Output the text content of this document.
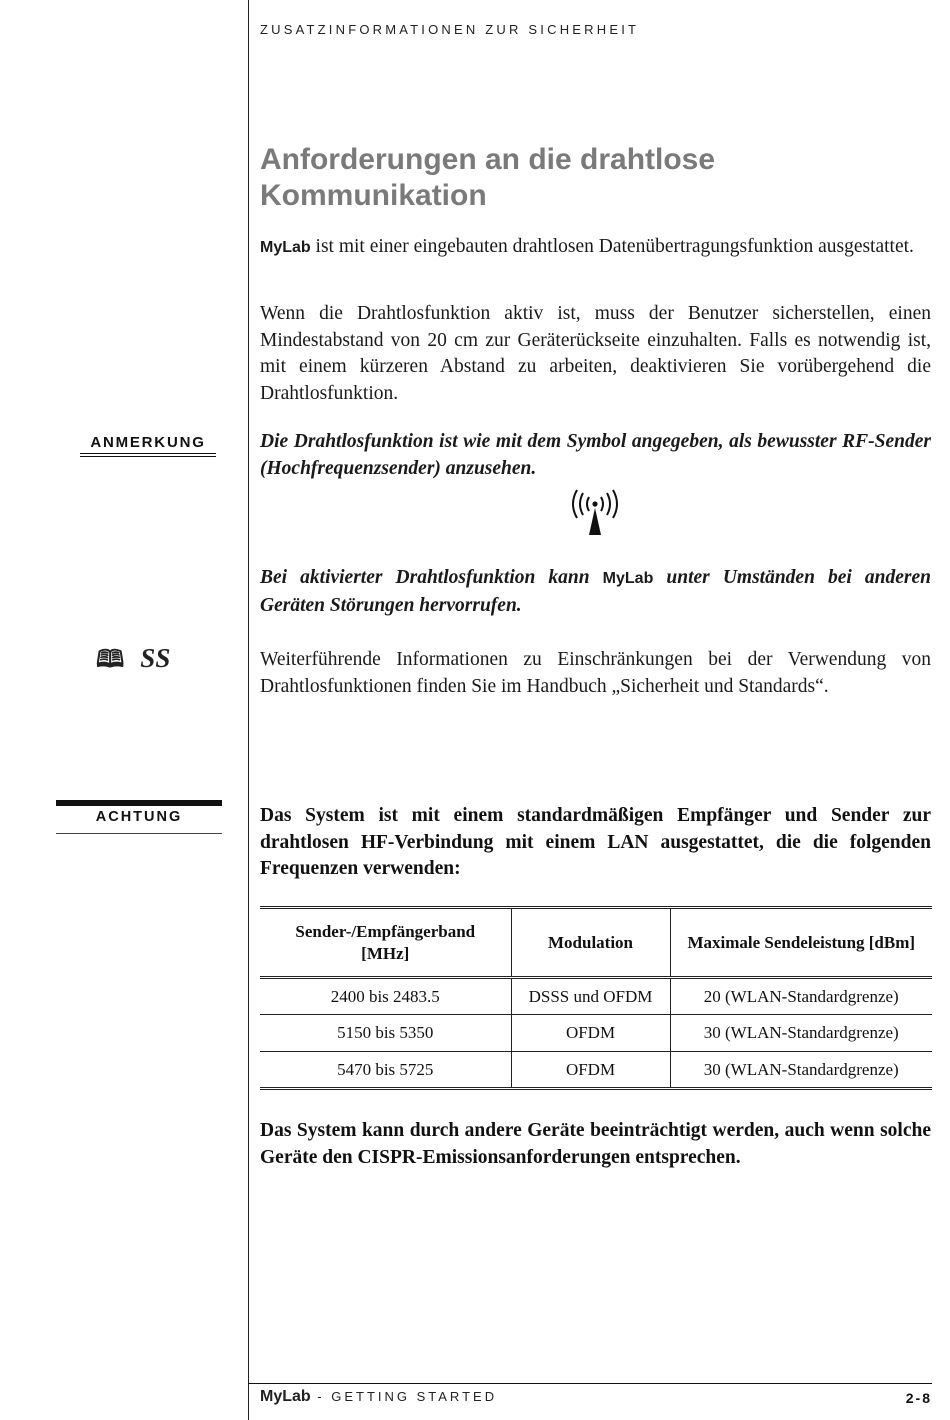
ZUSATZINFORMATIONEN ZUR SICHERHEIT
Anforderungen an die drahtlose Kommunikation
MyLab ist mit einer eingebauten drahtlosen Datenübertragungsfunktion ausgestattet.
Wenn die Drahtlosfunktion aktiv ist, muss der Benutzer sicherstellen, einen Mindestabstand von 20 cm zur Geräterückseite einzuhalten. Falls es notwendig ist, mit einem kürzeren Abstand zu arbeiten, deaktivieren Sie vorübergehend die Drahtlosfunktion.
ANMERKUNG	Die Drahtlosfunktion ist wie mit dem Symbol angegeben, als bewusster RF-Sender (Hochfrequenzsender) anzusehen.
Bei aktivierter Drahtlosfunktion kann MyLab unter Umständen bei anderen Geräten Störungen hervorrufen.
🕮 SS	Weiterführende Informationen zu Einschränkungen bei der Verwendung von Drahtlosfunktionen finden Sie im Handbuch „Sicherheit und Standards“.
ACHTUNG	Das System ist mit einem standardmäßigen Empfänger und Sender zur drahtlosen HF-Verbindung mit einem LAN ausgestattet, die die folgenden Frequenzen verwenden:
Sender-/Empfängerband [MHz]	Modulation	Maximale Sendeleistung [dBm]
2400 bis 2483.5	DSSS und OFDM	20 (WLAN-Standardgrenze)
5150 bis 5350	OFDM	30 (WLAN-Standardgrenze)
5470 bis 5725	OFDM	30 (WLAN-Standardgrenze)
Das System kann durch andere Geräte beeinträchtigt werden, auch wenn solche Geräte den CISPR-Emissionsanforderungen entsprechen.
MyLab - GETTING STARTED	2-8
